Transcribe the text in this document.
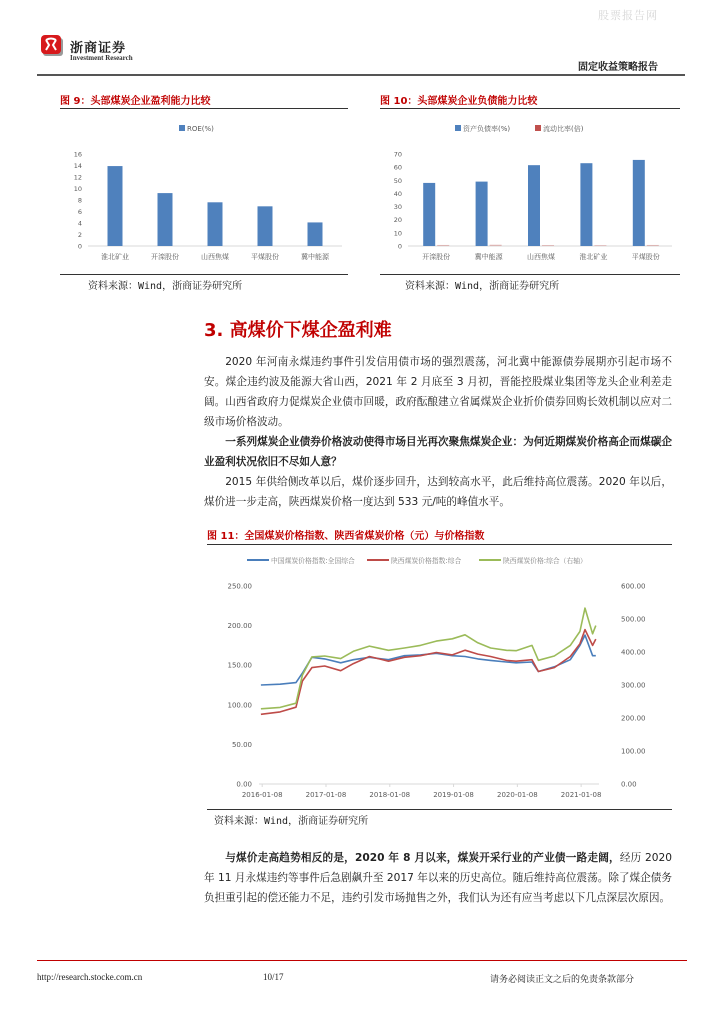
股票报告网
浙商证券
Investment Research
固定收益策略报告
图 9：头部煤炭企业盈利能力比较
ROE(%)
0
2
4
6
8
10
12
14
16
淮北矿业	开滦股份	山西焦煤	平煤股份	冀中能源
资料来源：Wind，浙商证券研究所
图 10：头部煤炭企业负债能力比较
资产负债率(%)	流动比率(倍)
0
10
20
30
40
50
60
70
开滦股份	冀中能源	山西焦煤	淮北矿业	平煤股份
资料来源：Wind，浙商证券研究所
3. 高煤价下煤企盈利难

2020 年河南永煤违约事件引发信用债市场的强烈震荡，河北冀中能源债券展期亦引起市场不安。煤企违约波及能源大省山西，2021 年 2 月底至 3 月初，晋能控股煤业集团等龙头企业利差走阔。山西省政府力促煤炭企业债市回暖，政府酝酿建立省属煤炭企业折价债券回购长效机制以应对二级市场价格波动。

一系列煤炭企业债券价格波动使得市场目光再次聚焦煤炭企业：为何近期煤炭价格高企而煤碳企业盈利状况依旧不尽如人意？

2015 年供给侧改革以后，煤价逐步回升，达到较高水平，此后维持高位震荡。2020 年以后，煤价进一步走高，陕西煤炭价格一度达到 533 元/吨的峰值水平。

图 11：全国煤炭价格指数、陕西省煤炭价格（元）与价格指数
中国煤炭价格指数:全国综合	陕西煤炭价格指数:综合	陕西煤炭价格:综合（右轴）
0.00
50.00
100.00
150.00
200.00
250.00
0.00
100.00
200.00
300.00
400.00
500.00
600.00
2016-01-08	2017-01-08	2018-01-08	2019-01-08	2020-01-08	2021-01-08
资料来源：Wind，浙商证券研究所

与煤价走高趋势相反的是，2020 年 8 月以来，煤炭开采行业的产业债一路走阔，经历 2020 年 11 月永煤违约等事件后急剧飙升至 2017 年以来的历史高位。随后维持高位震荡。除了煤企债务负担重引起的偿还能力不足，违约引发市场抛售之外，我们认为还有应当考虑以下几点深层次原因。

http://research.stocke.com.cn	10/17	请务必阅读正文之后的免责条款部分
